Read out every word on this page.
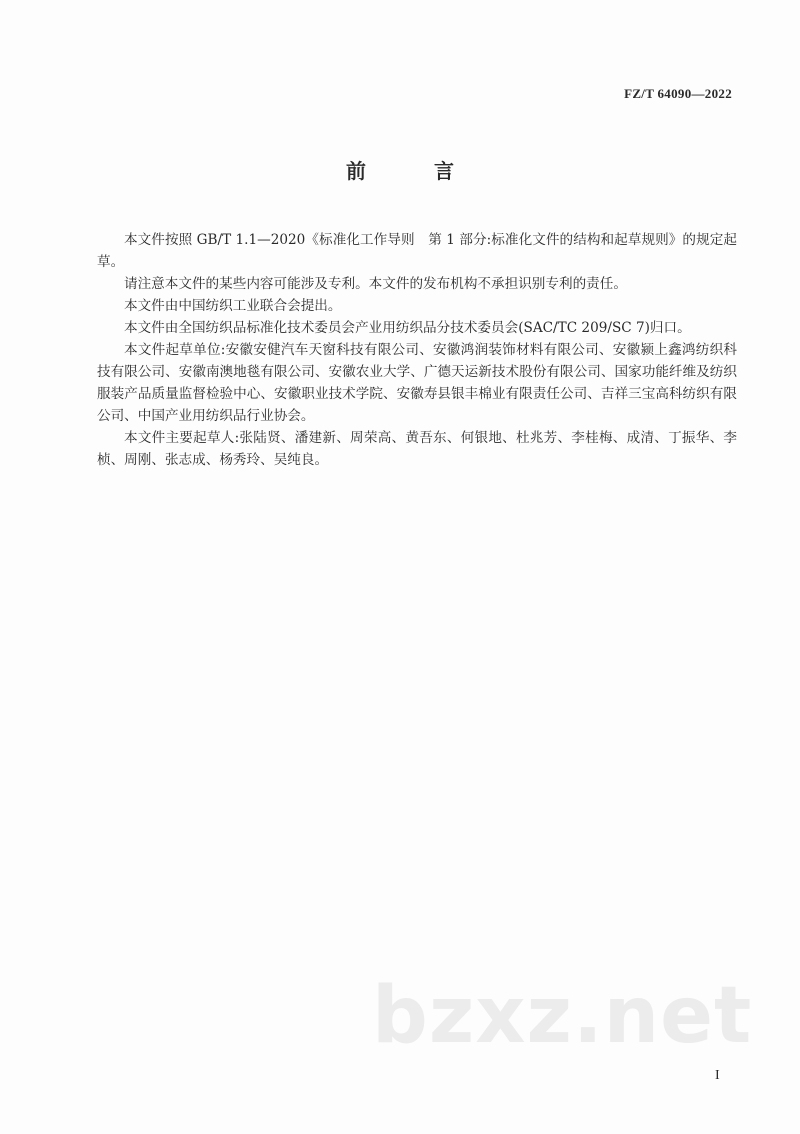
FZ/T 64090—2022
前　言

本文件按照 GB/T 1.1—2020《标准化工作导则　第 1 部分:标准化文件的结构和起草规则》的规定起草。

请注意本文件的某些内容可能涉及专利。本文件的发布机构不承担识别专利的责任。

本文件由中国纺织工业联合会提出。

本文件由全国纺织品标准化技术委员会产业用纺织品分技术委员会(SAC/TC 209/SC 7)归口。

本文件起草单位:安徽安健汽车天窗科技有限公司、安徽鸿润装饰材料有限公司、安徽颍上鑫鸿纺织科技有限公司、安徽南澳地毯有限公司、安徽农业大学、广德天运新技术股份有限公司、国家功能纤维及纺织服装产品质量监督检验中心、安徽职业技术学院、安徽寿县银丰棉业有限责任公司、吉祥三宝高科纺织有限公司、中国产业用纺织品行业协会。

本文件主要起草人:张陆贤、潘建新、周荣高、黄吾东、何银地、杜兆芳、李桂梅、成清、丁振华、李桢、周刚、张志成、杨秀玲、吴纯良。

bzxz.net
I
